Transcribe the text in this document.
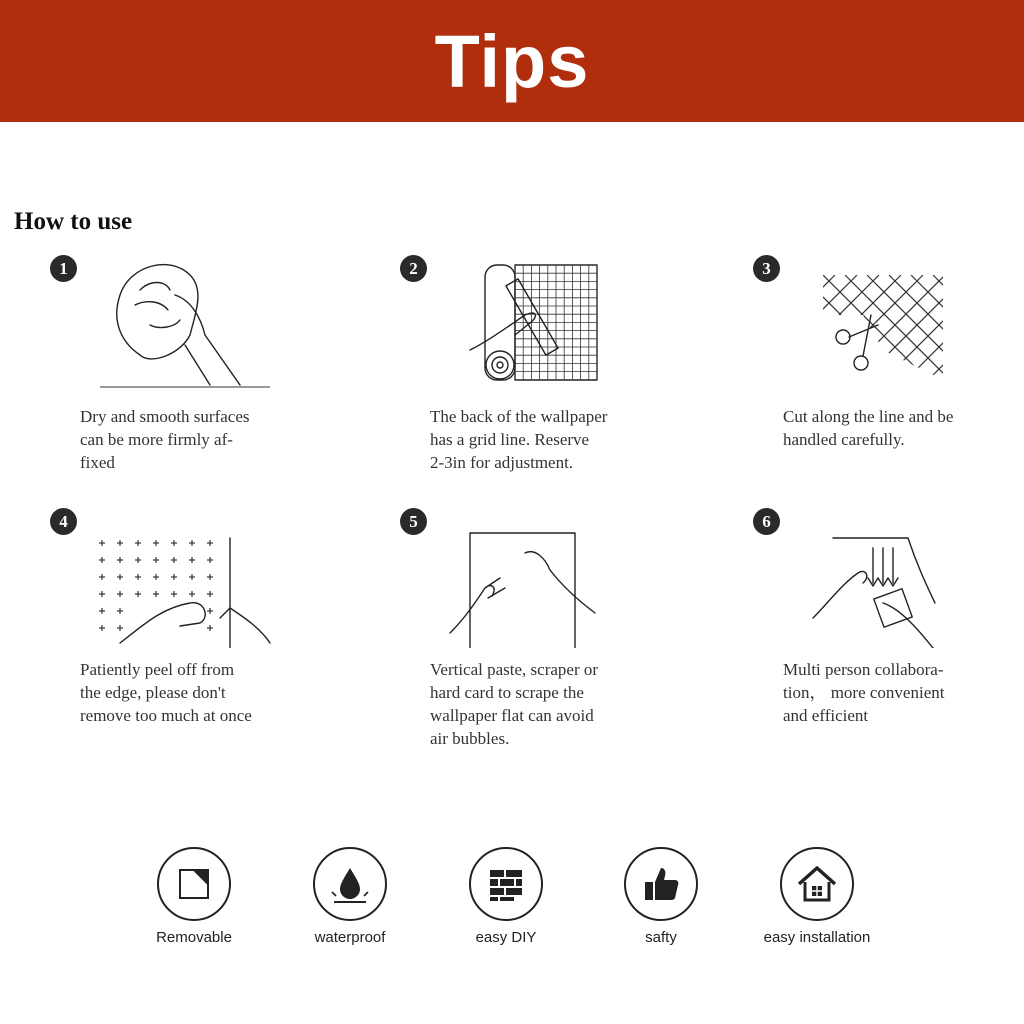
Tips
How to use
1
Dry and smooth surfaces
can be more firmly af-
fixed
2
The back of the wallpaper
has a grid line. Reserve
2-3in for adjustment.
3
Cut along the line and be
handled carefully.
4
Patiently peel off from
the edge, please don't
remove too much at once
5
Vertical paste, scraper or
hard card to scrape the
wallpaper flat can avoid
air bubbles.
6
Multi person collabora-
tion， more convenient
and efficient
Removable	waterproof	easy DIY	safty	easy installation
